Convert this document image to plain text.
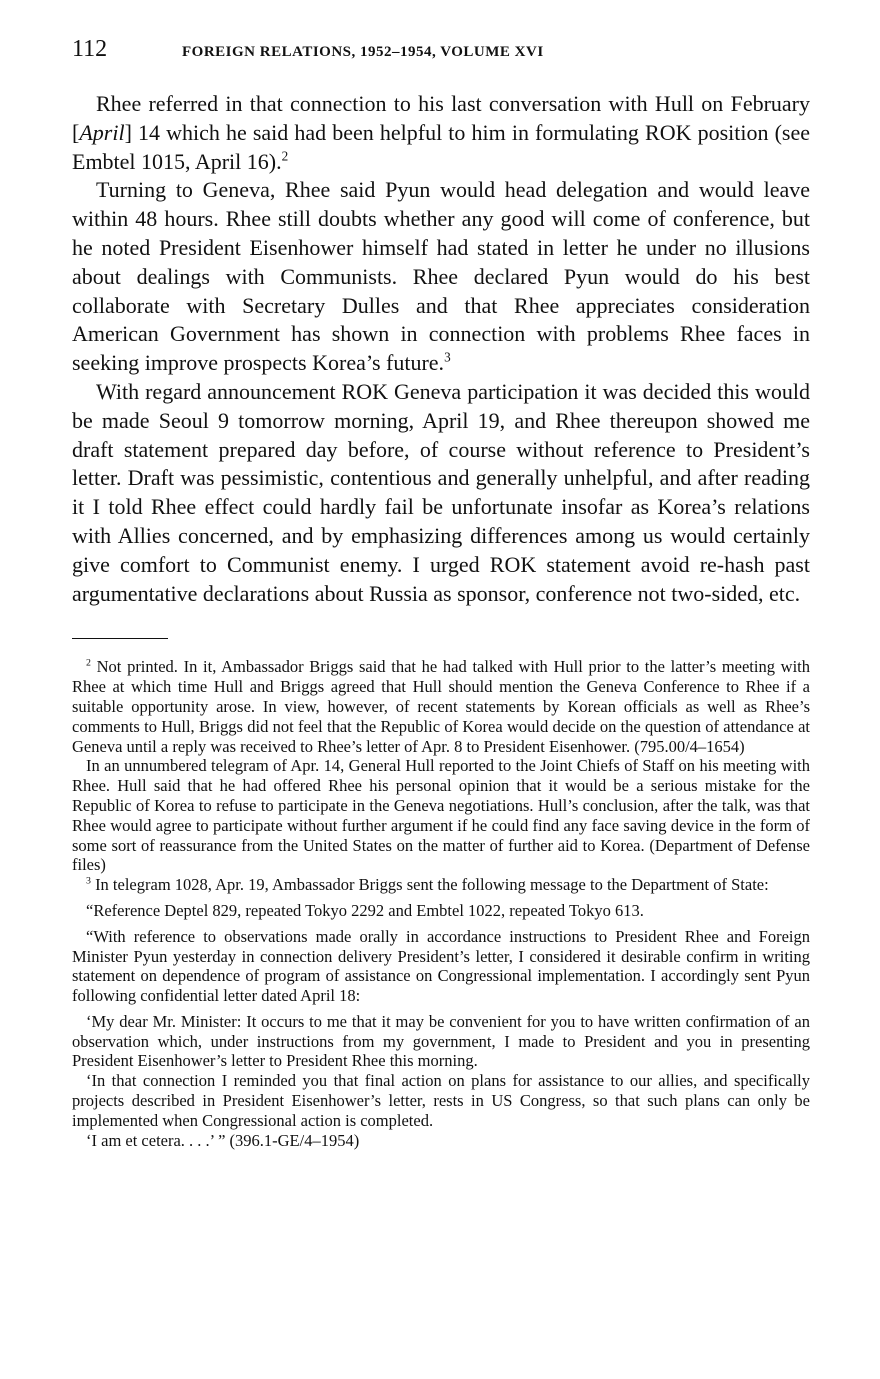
112	FOREIGN RELATIONS, 1952–1954, VOLUME XVI

Rhee referred in that connection to his last conversation with Hull on February [April] 14 which he said had been helpful to him in formulating ROK position (see Embtel 1015, April 16).$^2$

Turning to Geneva, Rhee said Pyun would head delegation and would leave within 48 hours. Rhee still doubts whether any good will come of conference, but he noted President Eisenhower himself had stated in letter he under no illusions about dealings with Communists. Rhee declared Pyun would do his best collaborate with Secretary Dulles and that Rhee appreciates consideration American Government has shown in connection with problems Rhee faces in seeking improve prospects Korea’s future.$^3$

With regard announcement ROK Geneva participation it was decided this would be made Seoul 9 tomorrow morning, April 19, and Rhee thereupon showed me draft statement prepared day before, of course without reference to President’s letter. Draft was pessimistic, contentious and generally unhelpful, and after reading it I told Rhee effect could hardly fail be unfortunate insofar as Korea’s relations with Allies concerned, and by emphasizing differences among us would certainly give comfort to Communist enemy. I urged ROK statement avoid re-hash past argumentative declarations about Russia as sponsor, conference not two-sided, etc.

$^2$ Not printed. In it, Ambassador Briggs said that he had talked with Hull prior to the latter’s meeting with Rhee at which time Hull and Briggs agreed that Hull should mention the Geneva Conference to Rhee if a suitable opportunity arose. In view, however, of recent statements by Korean officials as well as Rhee’s comments to Hull, Briggs did not feel that the Republic of Korea would decide on the question of attendance at Geneva until a reply was received to Rhee’s letter of Apr. 8 to President Eisenhower. (795.00/4–1654)

In an unnumbered telegram of Apr. 14, General Hull reported to the Joint Chiefs of Staff on his meeting with Rhee. Hull said that he had offered Rhee his personal opinion that it would be a serious mistake for the Republic of Korea to refuse to participate in the Geneva negotiations. Hull’s conclusion, after the talk, was that Rhee would agree to participate without further argument if he could find any face saving device in the form of some sort of reassurance from the United States on the matter of further aid to Korea. (Department of Defense files)

$^3$ In telegram 1028, Apr. 19, Ambassador Briggs sent the following message to the Department of State:

“Reference Deptel 829, repeated Tokyo 2292 and Embtel 1022, repeated Tokyo 613.

“With reference to observations made orally in accordance instructions to President Rhee and Foreign Minister Pyun yesterday in connection delivery President’s letter, I considered it desirable confirm in writing statement on dependence of program of assistance on Congressional implementation. I accordingly sent Pyun following confidential letter dated April 18:

‘My dear Mr. Minister: It occurs to me that it may be convenient for you to have written confirmation of an observation which, under instructions from my government, I made to President and you in presenting President Eisenhower’s letter to President Rhee this morning.

‘In that connection I reminded you that final action on plans for assistance to our allies, and specifically projects described in President Eisenhower’s letter, rests in US Congress, so that such plans can only be implemented when Congressional action is completed.

‘I am et cetera. . . .’ ” (396.1-GE/4–1954)
